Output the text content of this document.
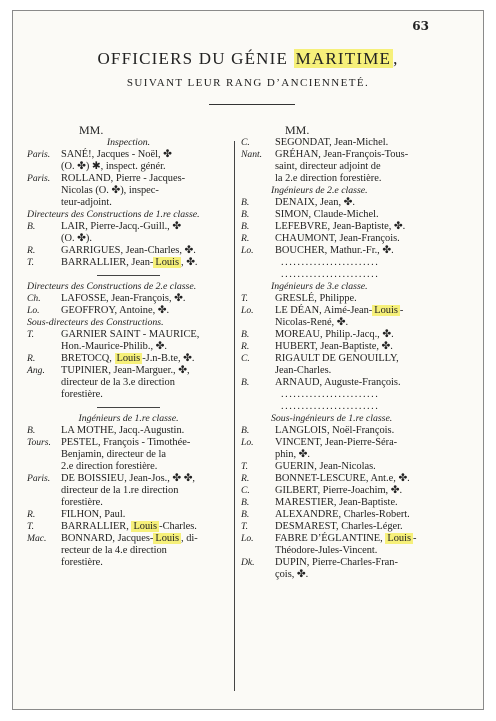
63
OFFICIERS DU GÉNIE MARITIME ,
SUIVANT LEUR RANG D’ANCIENNETÉ.
MM.	MM.
Inspection.
Paris.	SANÉ!, Jacques - Noël, ✤
(O. ✤) ✱, inspect. génér.
Paris.	ROLLAND, Pierre - Jacques-
Nicolas (O. ✤), inspec-
teur-adjoint.
Directeurs des Constructions de 1.re classe.
B.	LAIR, Pierre-Jacq.-Guill., ✤
(O. ✤).
R.	GARRIGUES, Jean-Charles, ✤.
T.	BARRALLIER, Jean- Louis , ✤.
Directeurs des Constructions de 2.e classe.
Ch.	LAFOSSE, Jean-François, ✤.
Lo.	GEOFFROY, Antoine, ✤.
Sous-directeurs des Constructions.
T.	GARNIER SAINT - MAURICE,
Hon.-Maurice-Philib., ✤.
R.	BRETOCQ, Louis -J.n-B.te, ✤.
Ang.	TUPINIER, Jean-Marguer., ✤,
directeur de la 3.e direction
forestière.
Ingénieurs de 1.re classe.
B.	LA MOTHE, Jacq.-Augustin.
Tours. PESTEL, François - Timothée-
Benjamin, directeur de la
2.e direction forestière.
Paris.	DE BOISSIEU, Jean-Jos., ✤ ✤,
directeur de la 1.re direction
forestière.
R.	FILHON, Paul.
T.	BARRALLIER, Louis -Charles.
Mac.	BONNARD, Jacques- Louis , di-
recteur de la 4.e direction
forestière.
C.	SEGONDAT, Jean-Michel.
Nant.	GRÉHAN, Jean-François-Tous-
saint, directeur adjoint de
la 2.e direction forestière.
Ingénieurs de 2.e classe.
B.	DENAIX, Jean, ✤.
B.	SIMON, Claude-Michel.
B.	LEFEBVRE, Jean-Baptiste, ✤.
R.	CHAUMONT, Jean-François.
Lo.	BOUCHER, Mathur.-Fr., ✤.
........................
........................
Ingénieurs de 3.e classe.
T.	GRESLÉ, Philippe.
Lo.	LE DÉAN, Aimé-Jean- Louis -
Nicolas-René, ✤.
B.	MOREAU, Philip.-Jacq., ✤.
R.	HUBERT, Jean-Baptiste, ✤.
C.	RIGAULT DE GENOUILLY,
Jean-Charles.
B.	ARNAUD, Auguste-François.
........................
........................
Sous-ingénieurs de 1.re classe.
B.	LANGLOIS, Noël-François.
Lo.	VINCENT, Jean-Pierre-Séra-
phin, ✤.
T.	GUERIN, Jean-Nicolas.
R.	BONNET-LESCURE, Ant.e, ✤.
C.	GILBERT, Pierre-Joachim, ✤.
B.	MARESTIER, Jean-Baptiste.
B.	ALEXANDRE, Charles-Robert.
T.	DESMAREST, Charles-Léger.
Lo.	FABRE D’ÉGLANTINE, Louis -
Théodore-Jules-Vincent.
Dk.	DUPIN, Pierre-Charles-Fran-
çois, ✤.
